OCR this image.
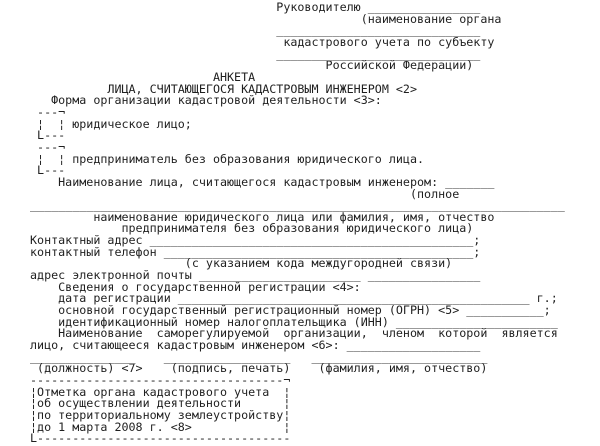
Руководителю ________________
(наименование органа
_____________________________
кадастрового учета по субъекту
_____________________________
Российской Федерации)
АНКЕТА
ЛИЦА, СЧИТАЮЩЕГОСЯ КАДАСТРОВЫМ ИНЖЕНЕРОМ <2>
Форма организации кадастровой деятельности <3>:
---¬
¦  ¦ юридическое лицо;
L---
---¬
¦  ¦ предприниматель без образования юридического лица.
L---
Наименование лица, считающегося кадастровым инженером: _______
(полное
____________________________________________________________________________
наименование юридического лица или фамилия, имя, отчество
предпринимателя без образования юридического лица)
Контактный адрес ______________________________________________;
контактный телефон ____________________________________________;
(с указанием кода междугородней связи)
адрес электронной почты _______________________ ________________
Сведения о государственной регистрации <4>:
дата регистрации __________________________________________________ г.;
основной государственный регистрационный номер (ОГРН) <5> ___________;
идентификационный номер налогоплательщика (ИНН) _______________________
Наименование  саморегулируемой  организации,  членом  которой  является
лицо, считающееся кадастровым инженером <6>: ___________________
_______________    __________________   _________________________
(должность) <7>    (подпись, печать)    (фамилия, имя, отчество)
------------------------------------¬
¦Отметка органа кадастрового учета  ¦
¦об осуществлении деятельности      ¦
¦по территориальному землеустройству¦
¦до 1 марта 2008 г. <8>             ¦
L------------------------------------
